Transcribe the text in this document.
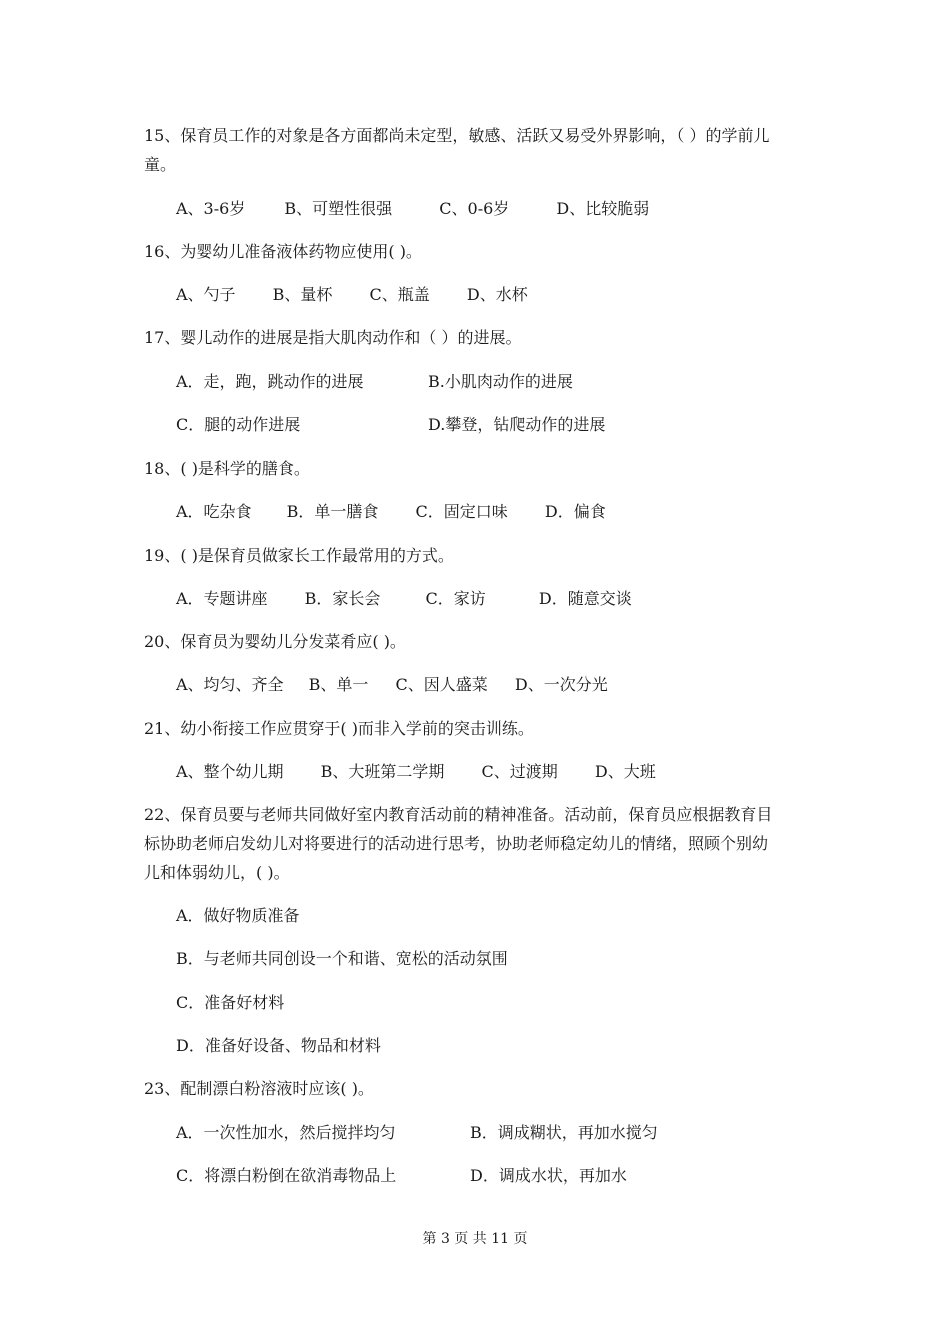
15、保育员工作的对象是各方面都尚未定型，敏感、活跃又易受外界影响，（ ）的学前儿
童。
A、3-6岁 B、可塑性很强	C、0-6岁	D、比较脆弱
16、为婴幼儿准备液体药物应使用( )。
A、勺子 B、量杯 C、瓶盖 D、水杯
17、婴儿动作的进展是指大肌肉动作和（ ）的进展。
A．走，跑，跳动作的进展	B.小肌肉动作的进展
C．腿的动作进展	D.攀登，钻爬动作的进展
18、( )是科学的膳食。
A．吃杂食 B．单一膳食 C．固定口味 D．偏食
19、( )是保育员做家长工作最常用的方式。
A．专题讲座 B．家长会	C．家访	D．随意交谈
20、保育员为婴幼儿分发菜肴应( )。
A、均匀、齐全 B、单一 C、因人盛菜 D、一次分光
21、幼小衔接工作应贯穿于( )而非入学前的突击训练。
A、整个幼儿期 B、大班第二学期 C、过渡期 D、大班
22、保育员要与老师共同做好室内教育活动前的精神准备。活动前，保育员应根据教育目
标协助老师启发幼儿对将要进行的活动进行思考，协助老师稳定幼儿的情绪，照顾个别幼
儿和体弱幼儿，( )。
A．做好物质准备
B．与老师共同创设一个和谐、宽松的活动氛围
C．准备好材料
D．准备好设备、物品和材料
23、配制漂白粉溶液时应该( )。
A．一次性加水，然后搅拌均匀	B．调成糊状，再加水搅匀
C．将漂白粉倒在欲消毒物品上	D．调成水状，再加水
第 3 页 共 11 页
